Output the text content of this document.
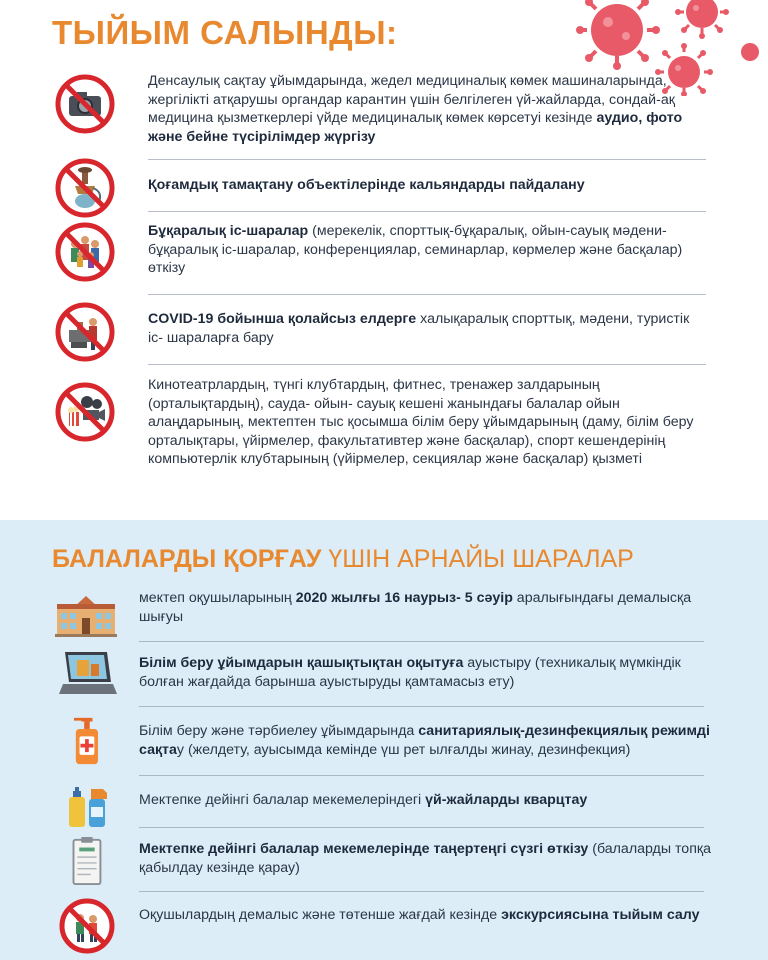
ТЫЙЫМ САЛЫНДЫ:
Денсаулық сақтау ұйымдарында, жедел медициналық көмек машиналарында, жергілікті атқарушы органдар карантин үшін белгілеген үй-жайларда, сондай-ақ медицина қызметкерлері үйде медициналық көмек көрсетуі кезінде аудио, фото және бейне түсірілімдер жүргізу
Қоғамдық тамақтану объектілерінде кальяндарды пайдалану
Бұқаралық іс-шаралар (мерекелік, спорттық-бұқаралық, ойын-сауық мәдени-бұқаралық іс-шаралар, конференциялар, семинарлар, көрмелер және басқалар) өткізу
COVID-19 бойынша қолайсыз елдерге халықаралық спорттық, мәдени, туристік іс- шараларға бару
Кинотеатрлардың, түнгі клубтардың, фитнес, тренажер залдарының (орталықтардың), сауда- ойын- сауық кешені жанындағы балалар ойын алаңдарының, мектептен тыс қосымша білім беру ұйымдарының (даму, білім беру орталықтары, үйірмелер, факультативтер және басқалар), спорт кешендерінің компьютерлік клубтарының (үйірмелер, секциялар және басқалар) қызметі
БАЛАЛАРДЫ ҚОРҒАУ ҮШІН АРНАЙЫ ШАРАЛАР
мектеп оқушыларының 2020 жылғы 16 наурыз- 5 сәуір аралығындағы демалысқа шығуы
Білім беру ұйымдарын қашықтықтан оқытуға ауыстыру (техникалық мүмкіндік болған жағдайда барынша ауыстыруды қамтамасыз ету)
Білім беру және тәрбиелеу ұйымдарында санитариялық-дезинфекциялық режимді сақтау (желдету, ауысымда кемінде үш рет ылғалды жинау, дезинфекция)
Мектепке дейінгі балалар мекемелеріндегі үй-жайларды кварцтау
Мектепке дейінгі балалар мекемелерінде таңертеңгі сүзгі өткізу (балаларды топқа қабылдау кезінде қарау)
Оқушылардың демалыс және төтенше жағдай кезінде экскурсиясына тыйым салу
